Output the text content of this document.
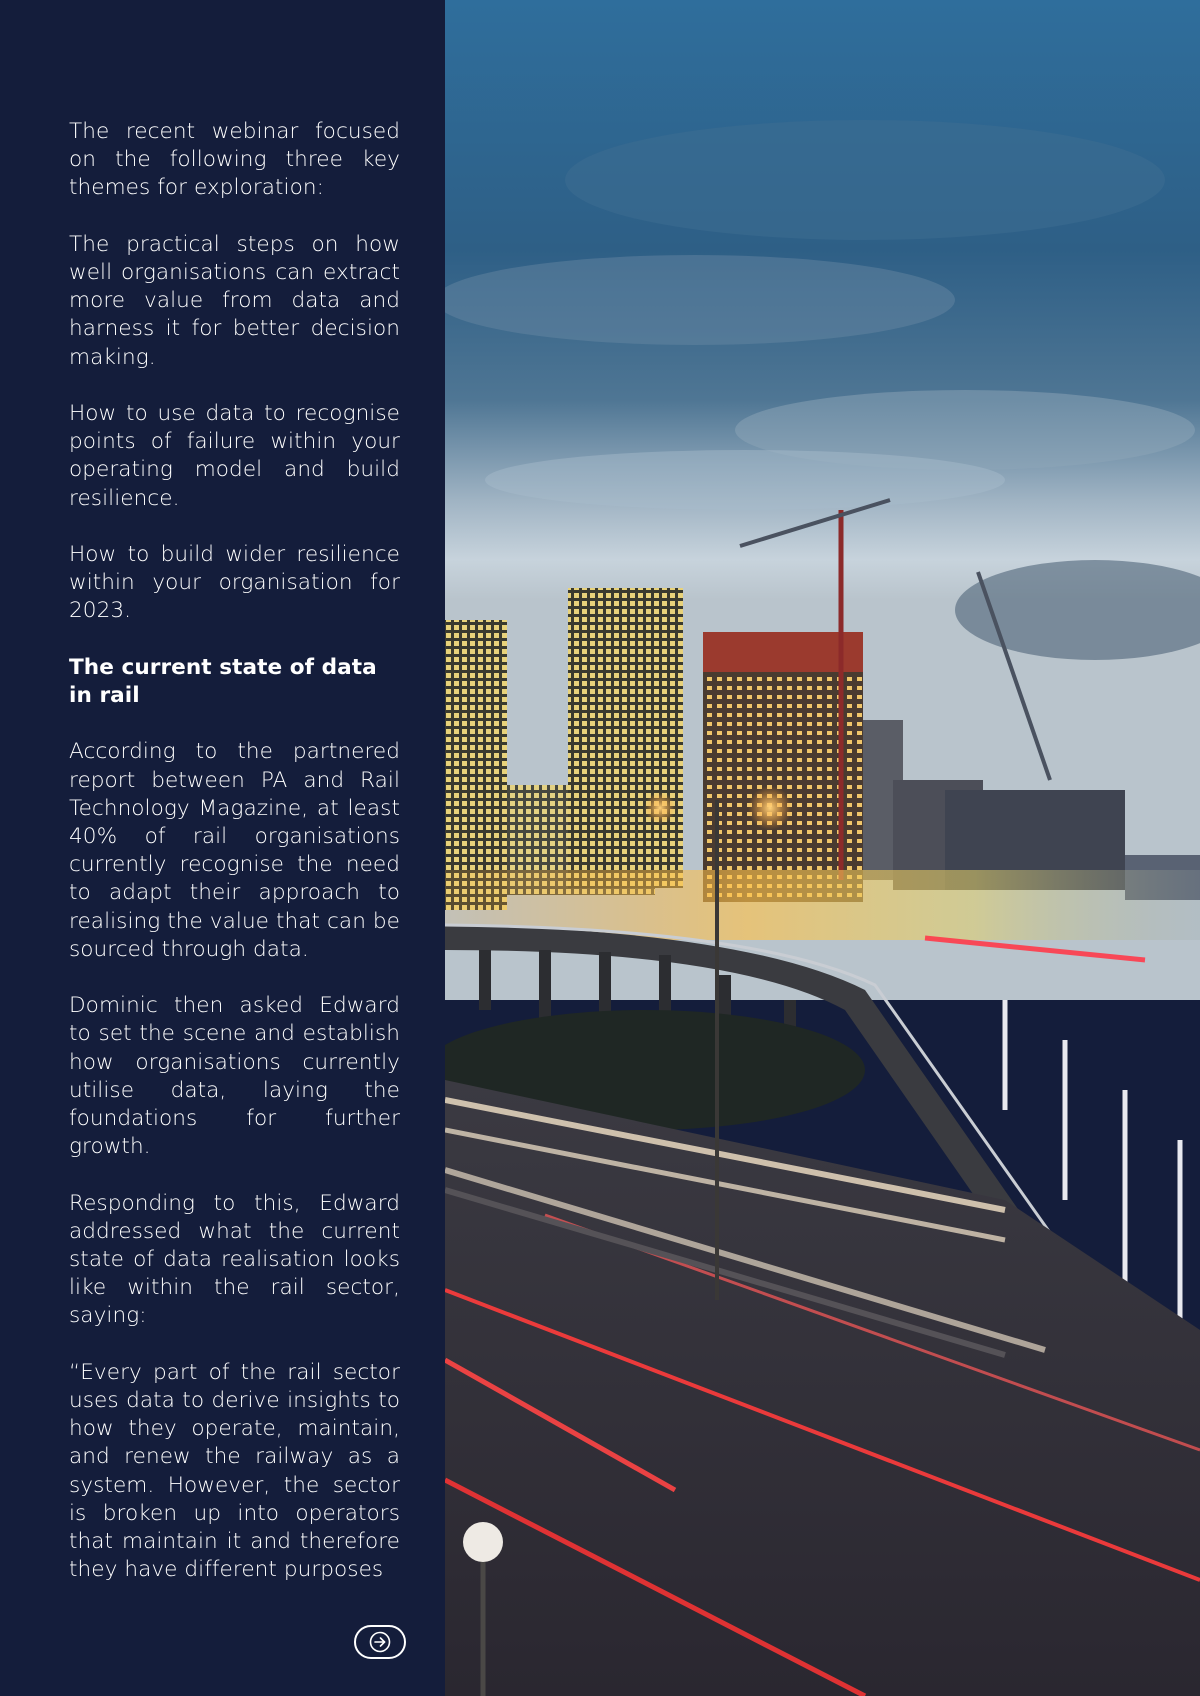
The recent webinar focused on the following three key themes for exploration:

The practical steps on how well organisations can extract more value from data and harness it for better decision making.

How to use data to recognise points of failure within your operating model and build resilience.

How to build wider resilience within your organisation for 2023.

The current state of data in rail

According to the partnered report between PA and Rail Technology Magazine, at least 40% of rail organisations currently recognise the need to adapt their approach to realising the value that can be sourced through data.

Dominic then asked Edward to set the scene and establish how organisations currently utilise data, laying the foundations for further growth.

Responding to this, Edward addressed what the current state of data realisation looks like within the rail sector, saying:

“Every part of the rail sector uses data to derive insights to how they operate, maintain, and renew the railway as a system. However, the sector is broken up into operators that maintain it and therefore they have different purposes
